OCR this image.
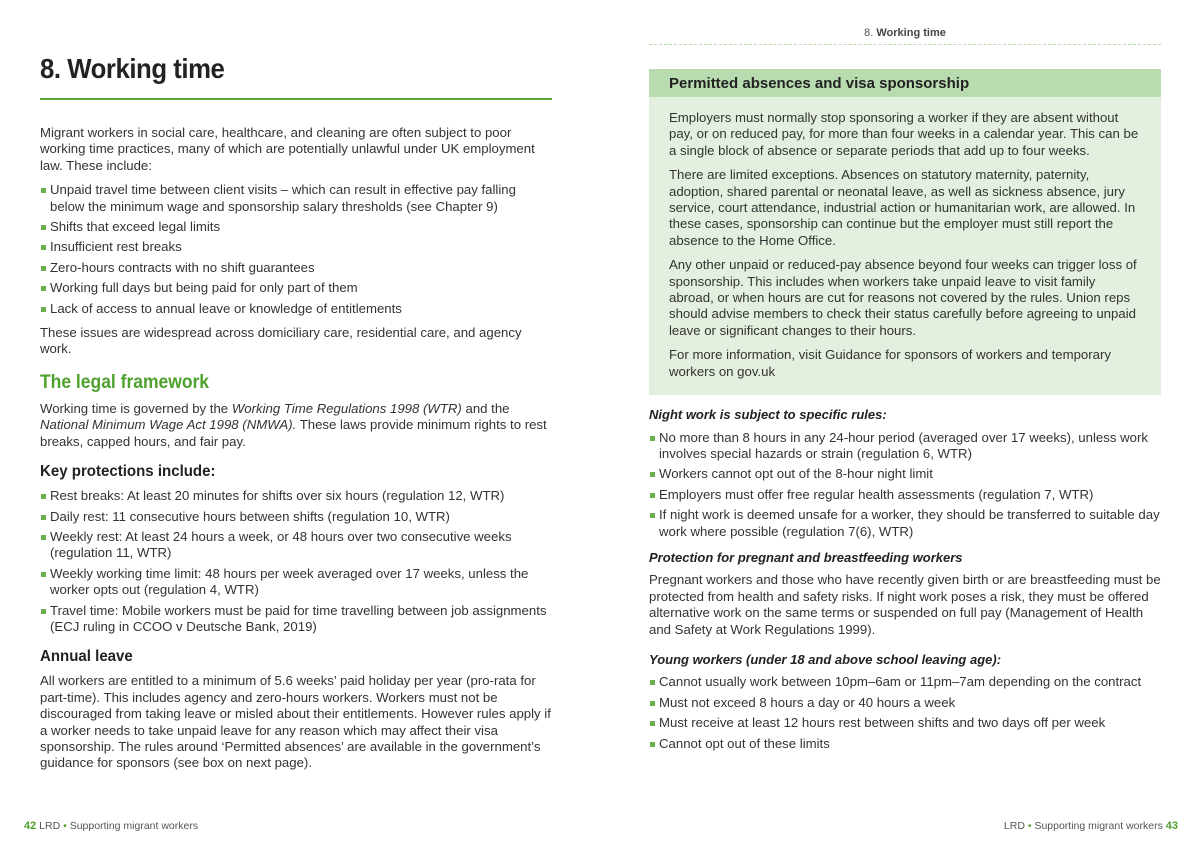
8. Working time

Migrant workers in social care, healthcare, and cleaning are often subject to poor working time practices, many of which are potentially unlawful under UK employment law. These include:

Unpaid travel time between client visits – which can result in effective pay falling below the minimum wage and sponsorship salary thresholds (see Chapter 9)
Shifts that exceed legal limits
Insufficient rest breaks
Zero-hours contracts with no shift guarantees
Working full days but being paid for only part of them
Lack of access to annual leave or knowledge of entitlements

These issues are widespread across domiciliary care, residential care, and agency work.

The legal framework

Working time is governed by the Working Time Regulations 1998 (WTR) and the National Minimum Wage Act 1998 (NMWA). These laws provide minimum rights to rest breaks, capped hours, and fair pay.

Key protections include:
Rest breaks: At least 20 minutes for shifts over six hours (regulation 12, WTR)
Daily rest: 11 consecutive hours between shifts (regulation 10, WTR)
Weekly rest: At least 24 hours a week, or 48 hours over two consecutive weeks (regulation 11, WTR)
Weekly working time limit: 48 hours per week averaged over 17 weeks, unless the worker opts out (regulation 4, WTR)
Travel time: Mobile workers must be paid for time travelling between job assignments (ECJ ruling in CCOO v Deutsche Bank, 2019)
Annual leave

All workers are entitled to a minimum of 5.6 weeks’ paid holiday per year (pro-rata for part-time). This includes agency and zero-hours workers. Workers must not be discouraged from taking leave or misled about their entitlements. However rules apply if a worker needs to take unpaid leave for any reason which may affect their visa sponsorship. The rules around ‘Permitted absences’ are available in the government’s guidance for sponsors (see box on next page).

42 LRD • Supporting migrant workers
8. Working time
Permitted absences and visa sponsorship

Employers must normally stop sponsoring a worker if they are absent without pay, or on reduced pay, for more than four weeks in a calendar year. This can be a single block of absence or separate periods that add up to four weeks.

There are limited exceptions. Absences on statutory maternity, paternity, adoption, shared parental or neonatal leave, as well as sickness absence, jury service, court attendance, industrial action or humanitarian work, are allowed. In these cases, sponsorship can continue but the employer must still report the absence to the Home Office.

Any other unpaid or reduced-pay absence beyond four weeks can trigger loss of sponsorship. This includes when workers take unpaid leave to visit family abroad, or when hours are cut for reasons not covered by the rules. Union reps should advise members to check their status carefully before agreeing to unpaid leave or significant changes to their hours.

For more information, visit Guidance for sponsors of workers and temporary workers on gov.uk

Night work is subject to specific rules:
No more than 8 hours in any 24-hour period (averaged over 17 weeks), unless work involves special hazards or strain (regulation 6, WTR)
Workers cannot opt out of the 8-hour night limit
Employers must offer free regular health assessments (regulation 7, WTR)
If night work is deemed unsafe for a worker, they should be transferred to suitable day work where possible (regulation 7(6), WTR)
Protection for pregnant and breastfeeding workers

Pregnant workers and those who have recently given birth or are breastfeeding must be protected from health and safety risks. If night work poses a risk, they must be offered alternative work on the same terms or suspended on full pay (Management of Health and Safety at Work Regulations 1999).

Young workers (under 18 and above school leaving age):
Cannot usually work between 10pm–6am or 11pm–7am depending on the contract
Must not exceed 8 hours a day or 40 hours a week
Must receive at least 12 hours rest between shifts and two days off per week
Cannot opt out of these limits
LRD • Supporting migrant workers 43
